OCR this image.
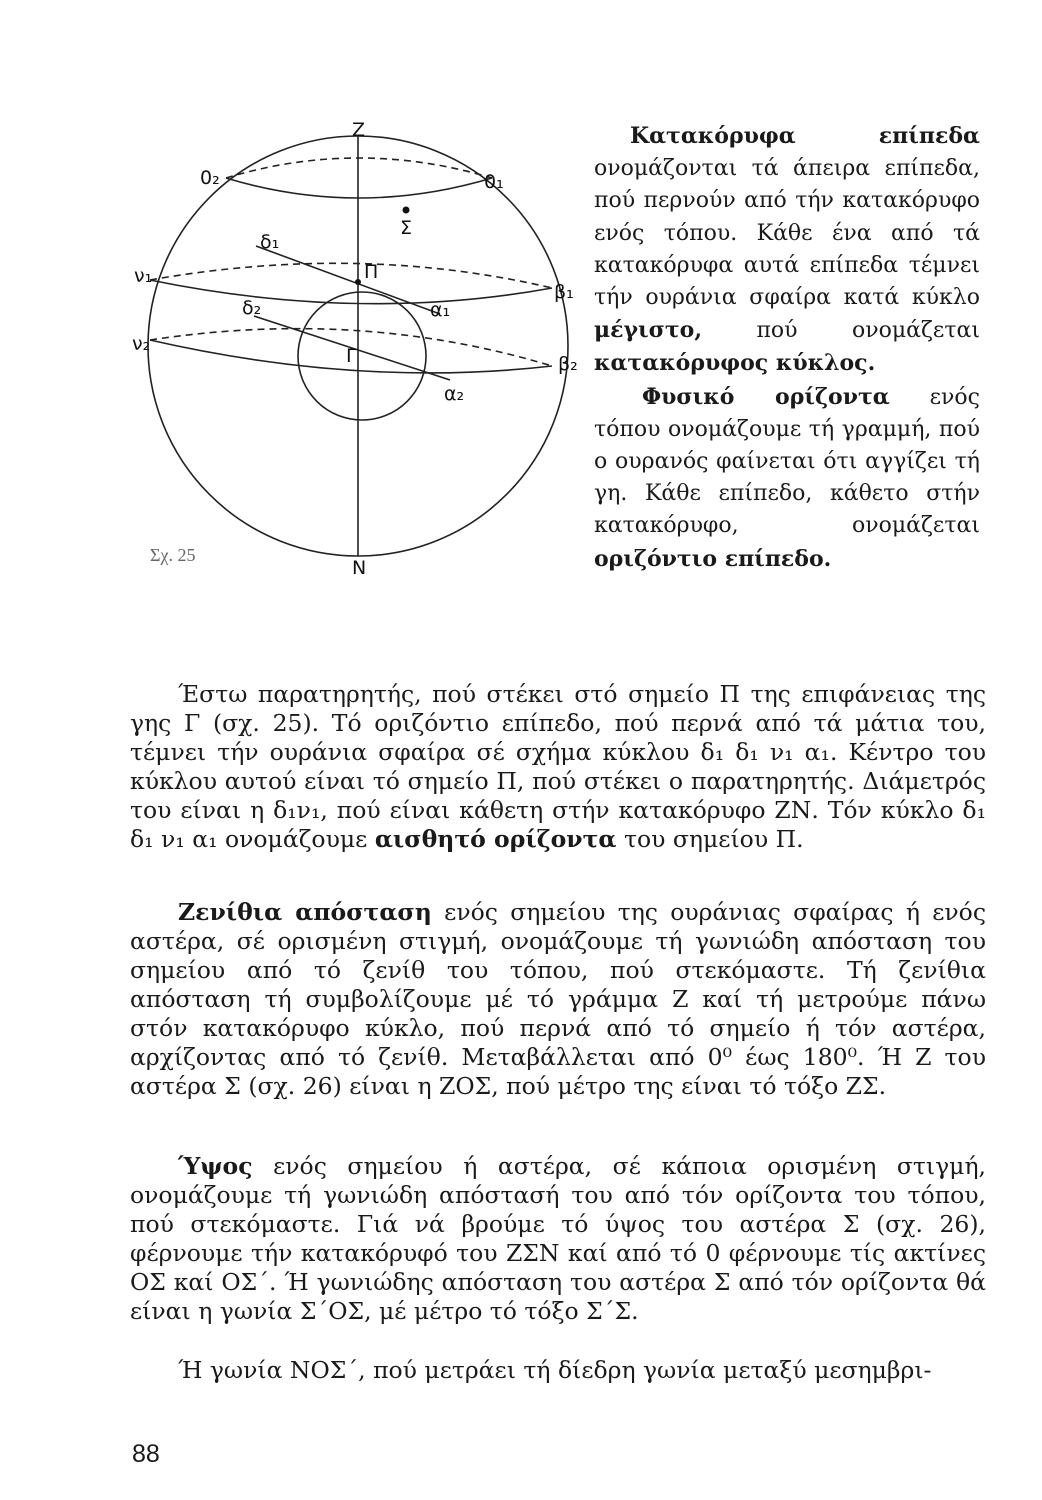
Z
0₂	0₁
Σ
δ₁
Π
ν₁
β₁
δ₂	α₁
ν₂
Γ	β₂
α₂
N
Σχ. 25

Κατακόρυφα επίπεδα ονομάζονται τά άπειρα επίπεδα, πού περνούν από τήν κατακόρυφο ενός τόπου. Κάθε ένα από τά κατακόρυφα αυτά επίπεδα τέμνει τήν ουράνια σφαίρα κατά κύκλο μέγιστο, πού ονομάζεται κατακόρυφος κύκλος.
Φυσικό ορίζοντα ενός τόπου ονομάζουμε τή γραμμή, πού ο ουρανός φαίνεται ότι αγγίζει τή γη. Κάθε επίπεδο, κάθετο στήν κατακόρυφο, ονομάζεται οριζόντιο επίπεδο.

Έστω παρατηρητής, πού στέκει στό σημείο Π της επιφάνειας της γης Γ (σχ. 25). Τό οριζόντιο επίπεδο, πού περνά από τά μάτια του, τέμνει τήν ουράνια σφαίρα σέ σχήμα κύκλου δ₁ δ₁ ν₁ α₁. Κέντρο του κύκλου αυτού είναι τό σημείο Π, πού στέκει ο παρατηρητής. Διάμετρός του είναι η δ₁ν₁, πού είναι κάθετη στήν κατακόρυφο ΖΝ. Τόν κύκλο δ₁ δ₁ ν₁ α₁ ονομάζουμε αισθητό ορίζοντα του σημείου Π.

Ζενίθια απόσταση ενός σημείου της ουράνιας σφαίρας ή ενός αστέρα, σέ ορισμένη στιγμή, ονομάζουμε τή γωνιώδη απόσταση του σημείου από τό ζενίθ του τόπου, πού στεκόμαστε. Τή ζενίθια απόσταση τή συμβολίζουμε μέ τό γράμμα Ζ καί τή μετρούμε πάνω στόν κατακόρυφο κύκλο, πού περνά από τό σημείο ή τόν αστέρα, αρχίζοντας από τό ζενίθ. Μεταβάλλεται από 0⁰ έως 180⁰. Ή Ζ του αστέρα Σ (σχ. 26) είναι η ΖΟΣ, πού μέτρο της είναι τό τόξο ΖΣ.

Ύψος ενός σημείου ή αστέρα, σέ κάποια ορισμένη στιγμή, ονομάζουμε τή γωνιώδη απόστασή του από τόν ορίζοντα του τόπου, πού στεκόμαστε. Γιά νά βρούμε τό ύψος του αστέρα Σ (σχ. 26), φέρνουμε τήν κατακόρυφό του ΖΣΝ καί από τό 0 φέρνουμε τίς ακτίνες ΟΣ καί ΟΣ΄. Ή γωνιώδης απόσταση του αστέρα Σ από τόν ορίζοντα θά είναι η γωνία Σ΄ΟΣ, μέ μέτρο τό τόξο Σ΄Σ.

Ή γωνία ΝΟΣ΄, πού μετράει τή δίεδρη γωνία μεταξύ μεσημβρι-

88
